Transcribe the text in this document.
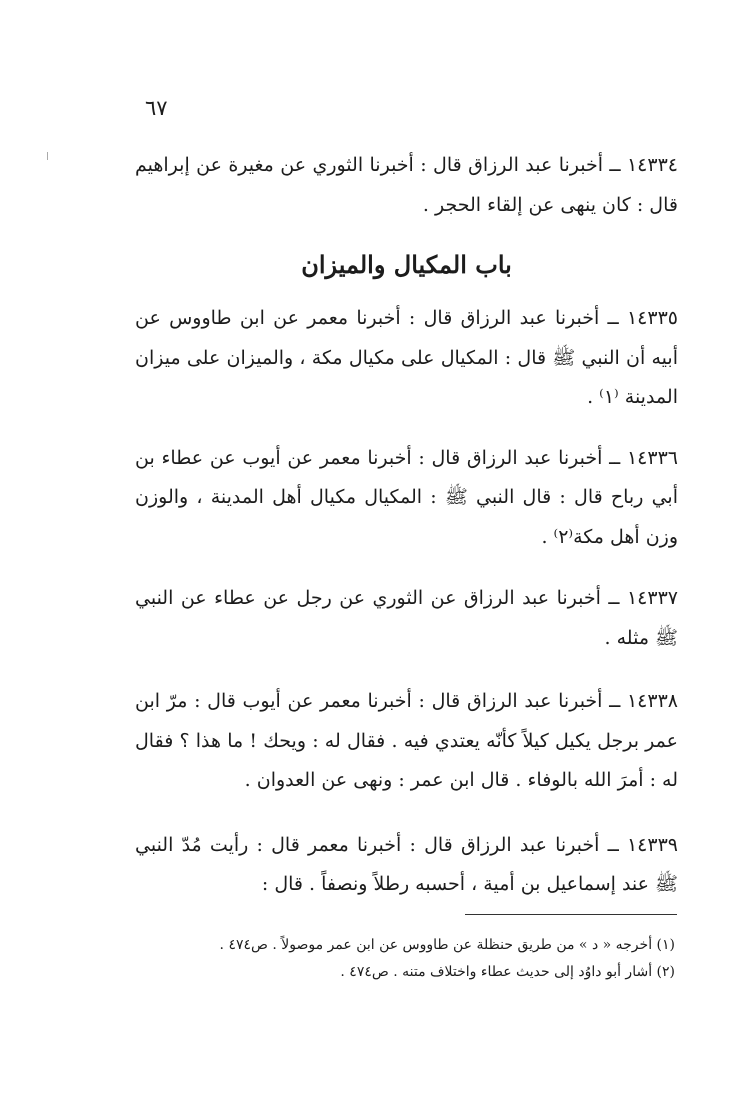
٦٧

١٤٣٣٤ ــ أخبرنا عبد الرزاق قال : أخبرنا الثوري عن مغيرة عن إبراهيم قال : كان ينهى عن إلقاء الحجر .

باب المكيال والميزان

١٤٣٣٥ ــ أخبرنا عبد الرزاق قال : أخبرنا معمر عن ابن طاووس عن أبيه أن النبي ﷺ قال : المكيال على مكيال مكة ، والميزان على ميزان المدينة ⁽١⁾ .

١٤٣٣٦ ــ أخبرنا عبد الرزاق قال : أخبرنا معمر عن أيوب عن عطاء بن أبي رباح قال : قال النبي ﷺ : المكيال مكيال أهل المدينة ، والوزن وزن أهل مكة⁽٢⁾ .

١٤٣٣٧ ــ أخبرنا عبد الرزاق عن الثوري عن رجل عن عطاء عن النبي ﷺ مثله .

١٤٣٣٨ ــ أخبرنا عبد الرزاق قال : أخبرنا معمر عن أيوب قال : مرّ ابن عمر برجل يكيل كيلاً كأنّه يعتدي فيه . فقال له : ويحك ! ما هذا ؟ فقال له : أمرَ الله بالوفاء . قال ابن عمر : ونهى عن العدوان .

١٤٣٣٩ ــ أخبرنا عبد الرزاق قال : أخبرنا معمر قال : رأيت مُدّ النبي ﷺ عند إسماعيل بن أمية ، أحسبه رطلاً ونصفاً . قال :

(١) أخرجه « د » من طريق حنظلة عن طاووس عن ابن عمر موصولاً . ص٤٧٤ .

(٢) أشار أبو داوُد إلى حديث عطاء واختلاف متنه . ص٤٧٤ .
